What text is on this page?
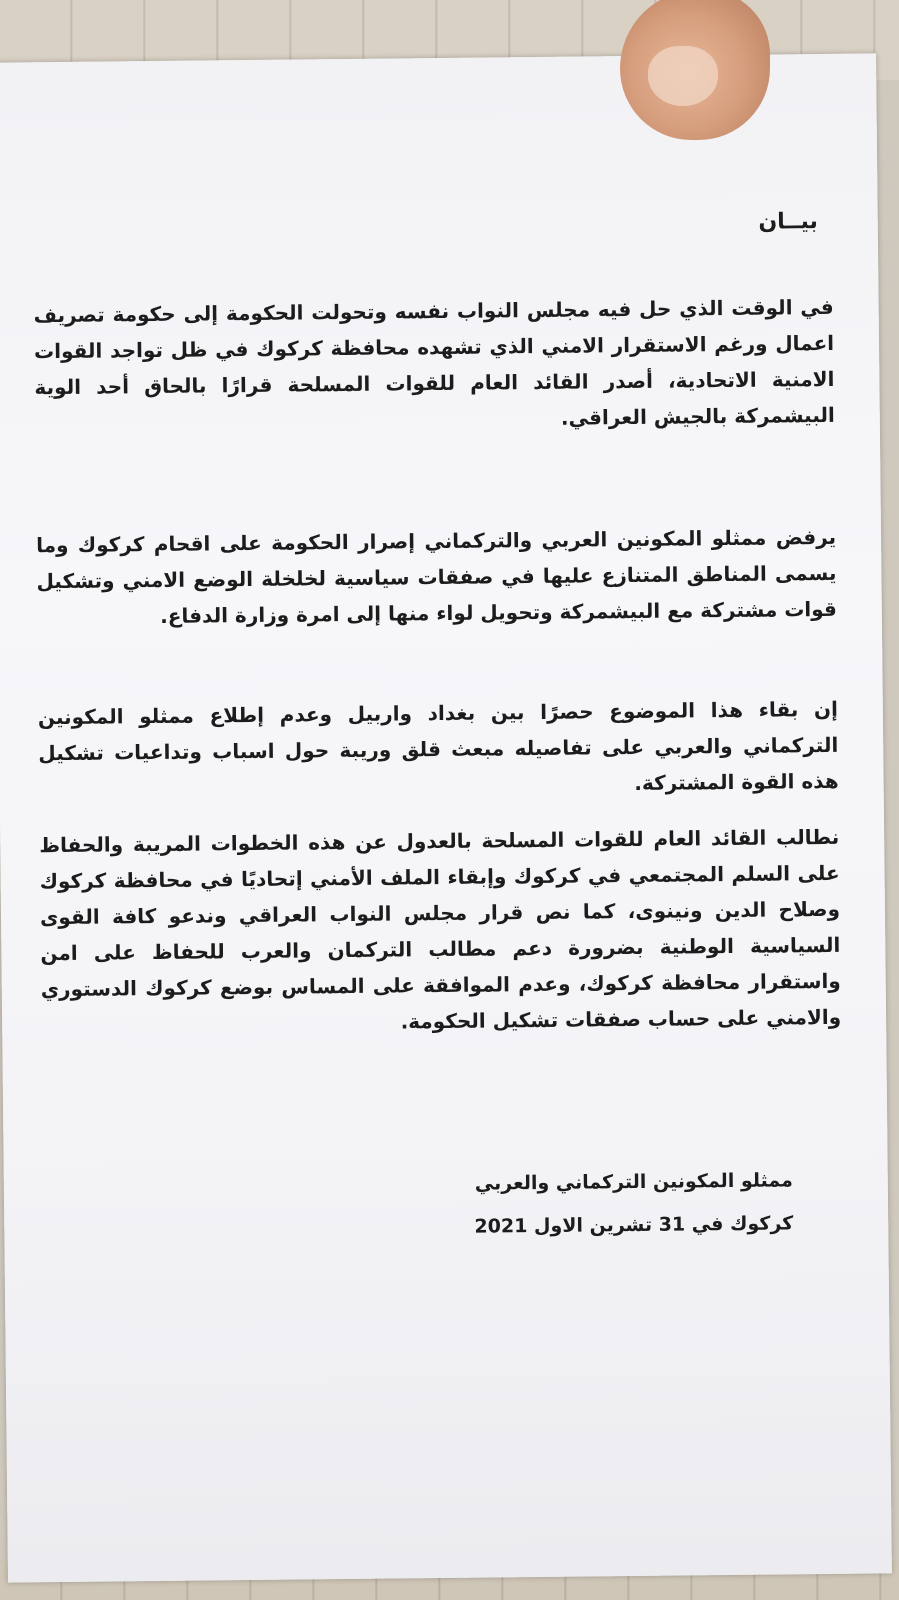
بيــان
في الوقت الذي حل فيه مجلس النواب نفسه وتحولت الحكومة إلى حكومة تصريف اعمال ورغم الاستقرار الامني الذي تشهده محافظة كركوك في ظل تواجد القوات الامنية الاتحادية، أصدر القائد العام للقوات المسلحة قرارًا بالحاق أحد الوية البيشمركة بالجيش العراقي.
يرفض ممثلو المكونين العربي والتركماني إصرار الحكومة على اقحام كركوك وما يسمى المناطق المتنازع عليها في صفقات سياسية لخلخلة الوضع الامني وتشكيل قوات مشتركة مع البيشمركة وتحويل لواء منها إلى امرة وزارة الدفاع.
إن بقاء هذا الموضوع حصرًا بين بغداد واربيل وعدم إطلاع ممثلو المكونين التركماني والعربي على تفاصيله مبعث قلق وريبة حول اسباب وتداعيات تشكيل هذه القوة المشتركة.
نطالب القائد العام للقوات المسلحة بالعدول عن هذه الخطوات المريبة والحفاظ على السلم المجتمعي في كركوك وإبقاء الملف الأمني إتحاديًا في محافظة كركوك وصلاح الدين ونينوى، كما نص قرار مجلس النواب العراقي وندعو كافة القوى السياسية الوطنية بضرورة دعم مطالب التركمان والعرب للحفاظ على امن واستقرار محافظة كركوك، وعدم الموافقة على المساس بوضع كركوك الدستوري والامني على حساب صفقات تشكيل الحكومة.
ممثلو المكونين التركماني والعربي
كركوك في 31 تشرين الاول 2021
